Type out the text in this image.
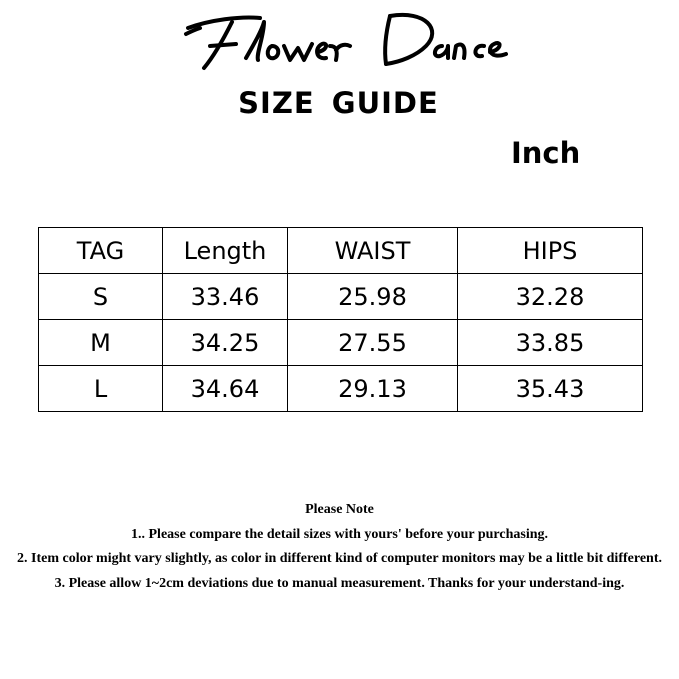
SIZE GUIDE
Inch
TAG	Length	WAIST	HIPS
S	33.46	25.98	32.28
M	34.25	27.55	33.85
L	34.64	29.13	35.43

Please Note

1.. Please compare the detail sizes with yours' before your purchasing.

2. Item color might vary slightly, as color in different kind of computer monitors may be a little bit different.

3. Please allow 1~2cm deviations due to manual measurement. Thanks for your understand-ing.
